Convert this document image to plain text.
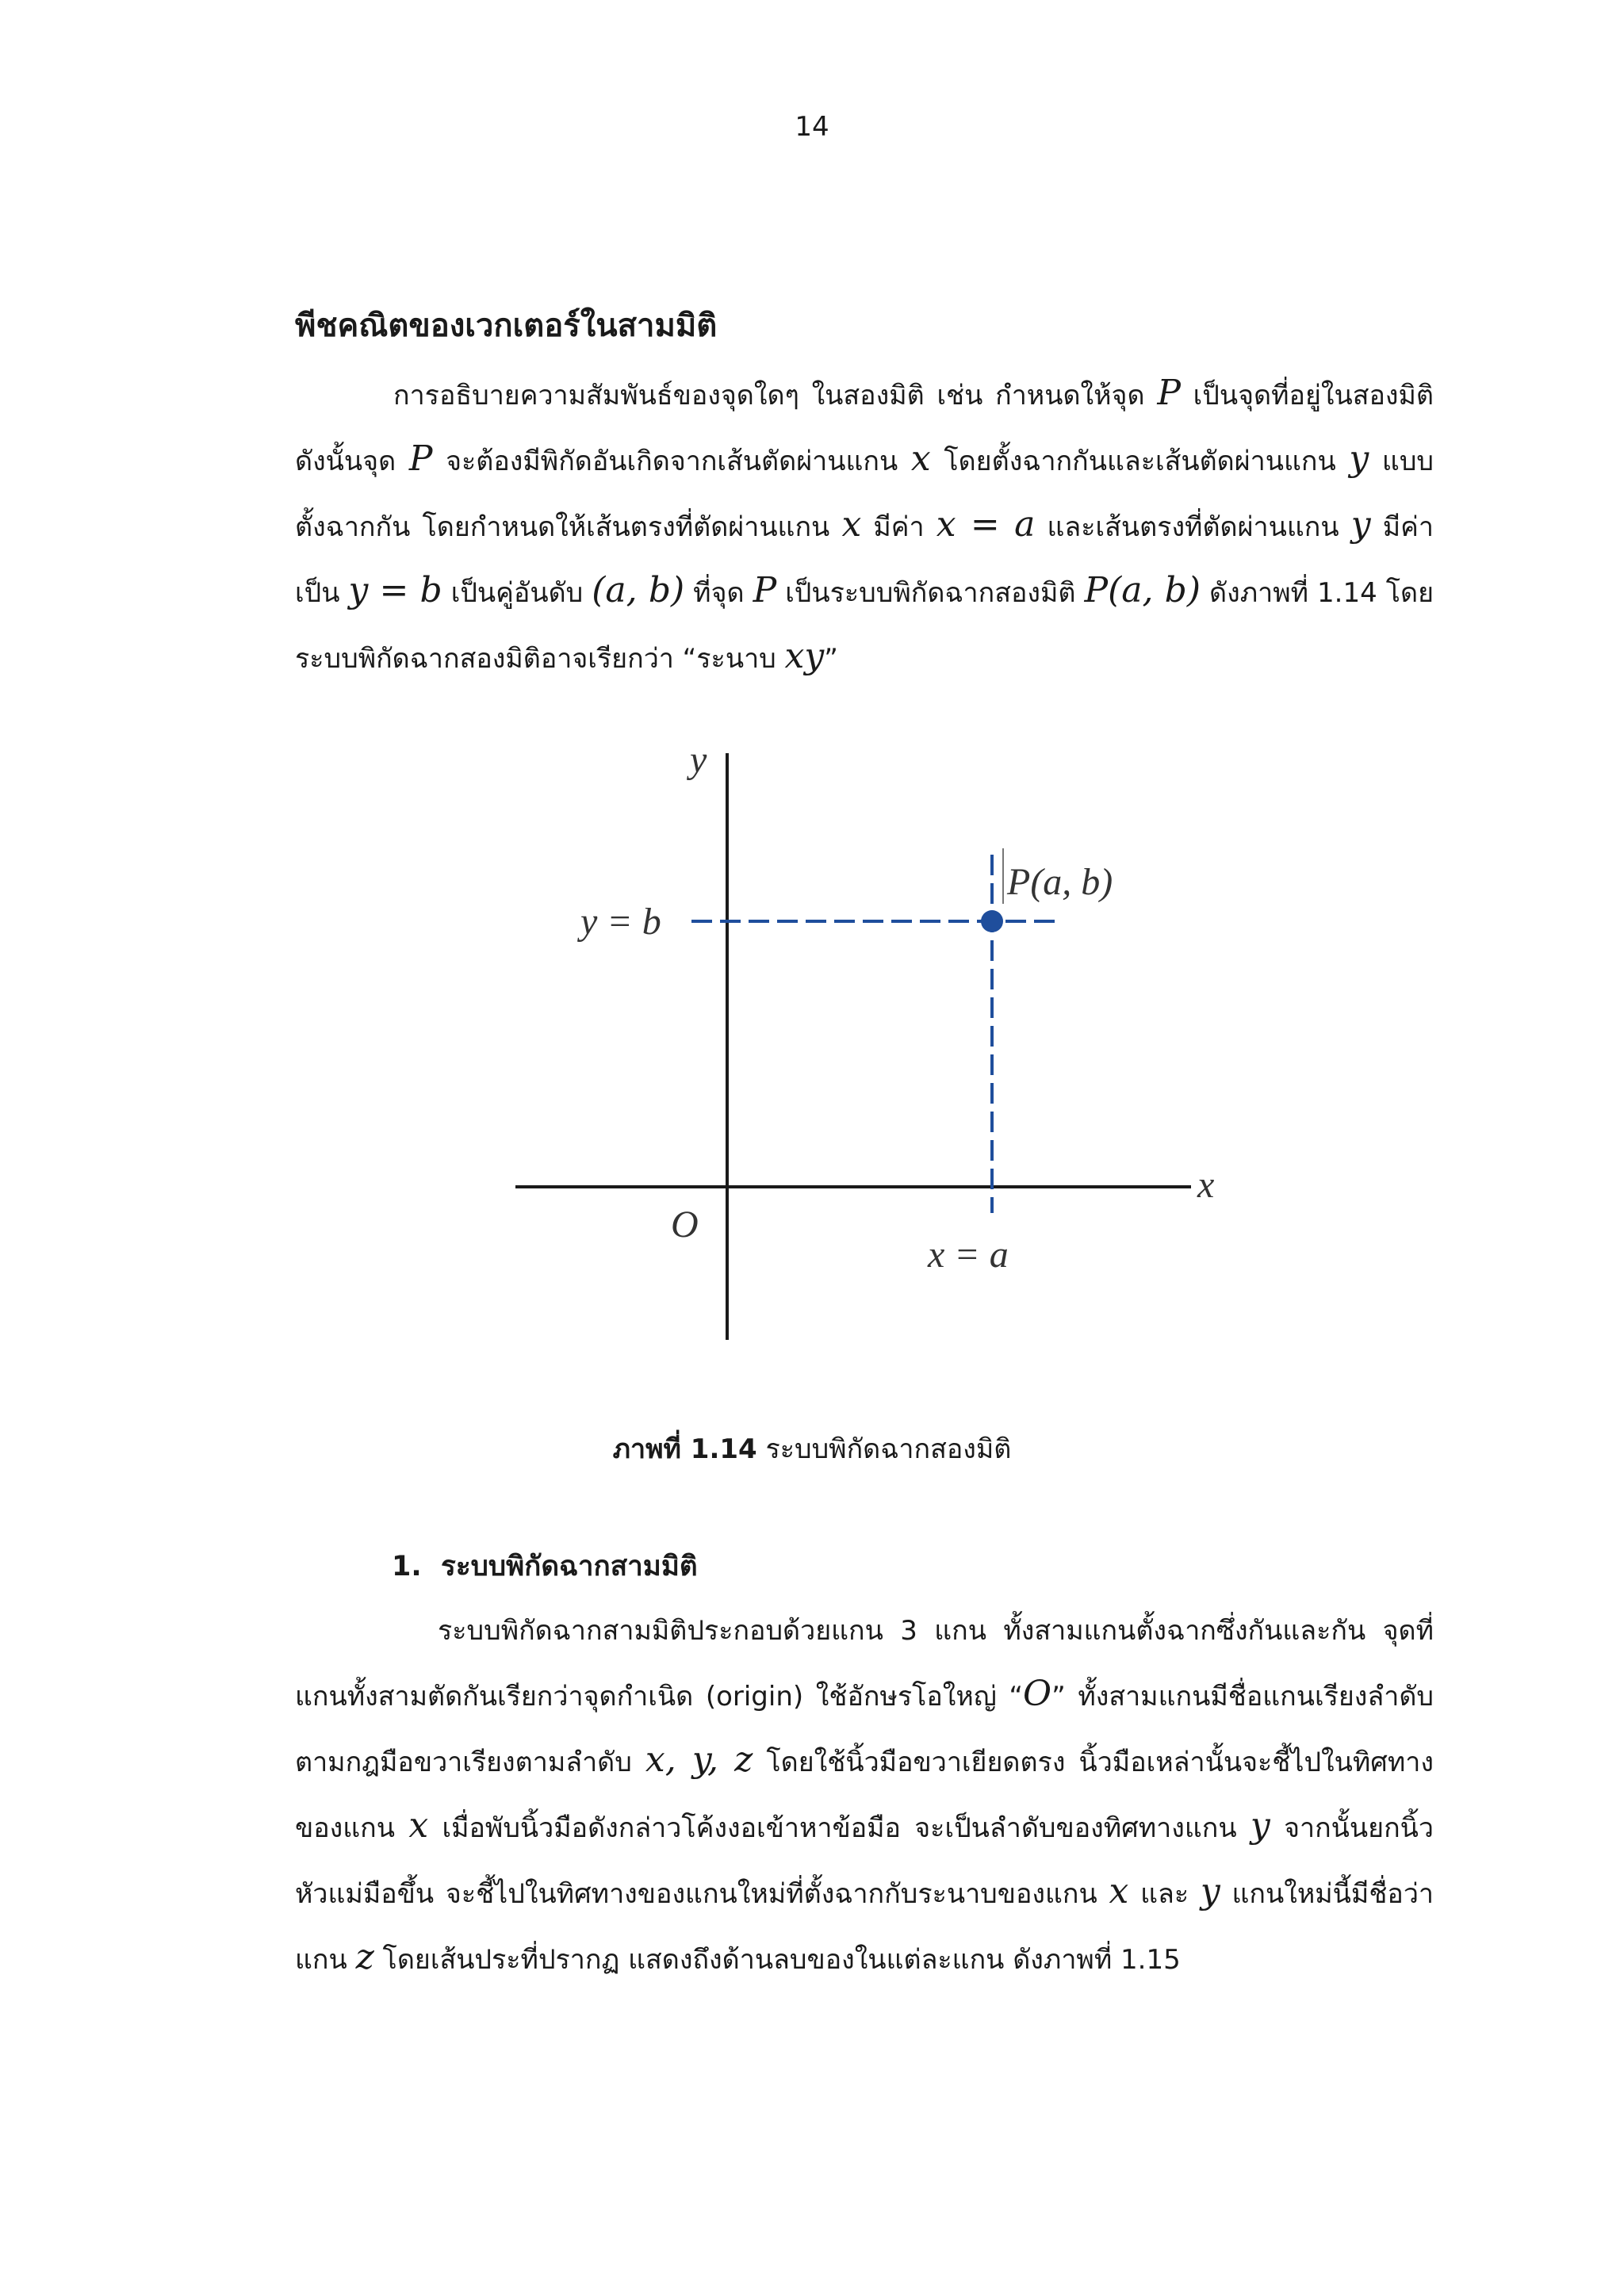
14
พีชคณิตของเวกเตอร์ในสามมิติ

การอธิบายความสัมพันธ์ของจุดใดๆ ในสองมิติ เช่น กำหนดให้จุด P เป็นจุดที่อยู่ในสองมิติ ดังนั้นจุด P จะต้องมีพิกัดอันเกิดจากเส้นตัดผ่านแกน x โดยตั้งฉากกันและเส้นตัดผ่านแกน y แบบตั้งฉากกัน โดยกำหนดให้เส้นตรงที่ตัดผ่านแกน x มีค่า x = a และเส้นตรงที่ตัดผ่านแกน y มีค่าเป็น y = b เป็นคู่อันดับ (a, b) ที่จุด P เป็นระบบพิกัดฉากสองมิติ P(a, b) ดังภาพที่ 1.14 โดยระบบพิกัดฉากสองมิติอาจเรียกว่า “ระนาบ xy”

y
x
O
y = b
x = a
P(a, b)
ภาพที่ 1.14 ระบบพิกัดฉากสองมิติ
1. ระบบพิกัดฉากสามมิติ

ระบบพิกัดฉากสามมิติประกอบด้วยแกน 3 แกน ทั้งสามแกนตั้งฉากซึ่งกันและกัน จุดที่แกนทั้งสามตัดกันเรียกว่าจุดกำเนิด (origin) ใช้อักษรโอใหญ่ “O” ทั้งสามแกนมีชื่อแกนเรียงลำดับตามกฎมือขวาเรียงตามลำดับ x, y, z โดยใช้นิ้วมือขวาเยียดตรง นิ้วมือเหล่านั้นจะชี้ไปในทิศทางของแกน x เมื่อพับนิ้วมือดังกล่าวโค้งงอเข้าหาข้อมือ จะเป็นลำดับของทิศทางแกน y จากนั้นยกนิ้วหัวแม่มือขึ้น จะชี้ไปในทิศทางของแกนใหม่ที่ตั้งฉากกับระนาบของแกน x และ y แกนใหม่นี้มีชื่อว่าแกน z โดยเส้นประที่ปรากฏ แสดงถึงด้านลบของในแต่ละแกน ดังภาพที่ 1.15
